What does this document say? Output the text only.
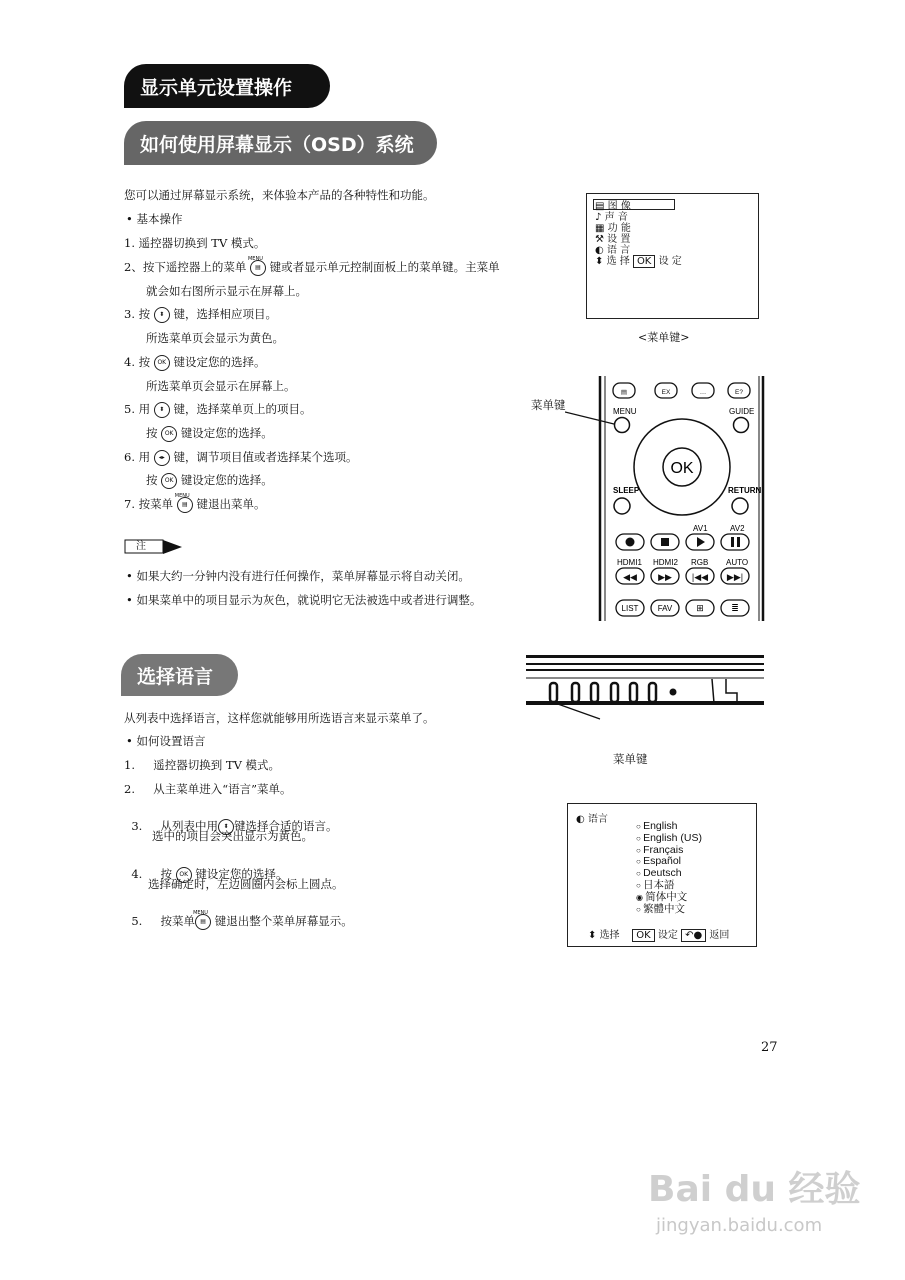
显示单元设置操作
如何使用屏幕显示（OSD）系统
选择语言
您可以通过屏幕显示系统，来体验本产品的各种特性和功能。
• 基本操作
1. 遥控器切换到 TV 模式。
2、按下遥控器上的菜单 MENU ▤ 键或者显示单元控制面板上的菜单键。主菜单
就会如右图所示显示在屏幕上。
3. 按 ⬍ 键，选择相应项目。
所选菜单页会显示为黄色。
4. 按 OK 键设定您的选择。
所选菜单页会显示在屏幕上。
5. 用 ⬍ 键，选择菜单页上的项目。
按 OK 键设定您的选择。
6. 用 ◂▸ 键，调节项目值或者选择某个选项。
按 OK 键设定您的选择。
7. 按菜单 MENU ▤ 键退出菜单。
注
• 如果大约一分钟内没有进行任何操作，菜单屏幕显示将自动关闭。
• 如果菜单中的项目显示为灰色，就说明它无法被选中或者进行调整。
▤ 图 像
♪ 声 音
▦ 功 能
⚒ 设 置
◐ 语 言
⬍ 选 择 OK 设 定
<菜单键>
菜单键
▤	EX	…	E?
OK
MENU	GUIDE
SLEEP	RETURN
AV1	AV2
HDMI1 HDMI2 RGB AUTO
◀◀ ▶▶ |◀◀ ▶▶|
LIST FAV	⊞	≣
菜单键
从列表中选择语言，这样您就能够用所选语言来显示菜单了。
• 如何设置语言
1.     遥控器切换到 TV 模式。
2.     从主菜单进入“语言”菜单。

3.     从列表中用 ⬍ 键选择合适的语言。

选中的项目会突出显示为黄色。

4.     按 OK 键设定您的选择。

选择确定时，左边圆圈内会标上圆点。

5.     按菜单 MENU ▤ 键退出整个菜单屏幕显示。

◐ 语言
○ English
○ English (US)
○ Français
○ Español
○ Deutsch
○ 日本語
◉ 简体中文
○ 繁體中文
⬍ 选择 OK 设定 ↶● 返回
27
Bai du 经验
jingyan.baidu.com
